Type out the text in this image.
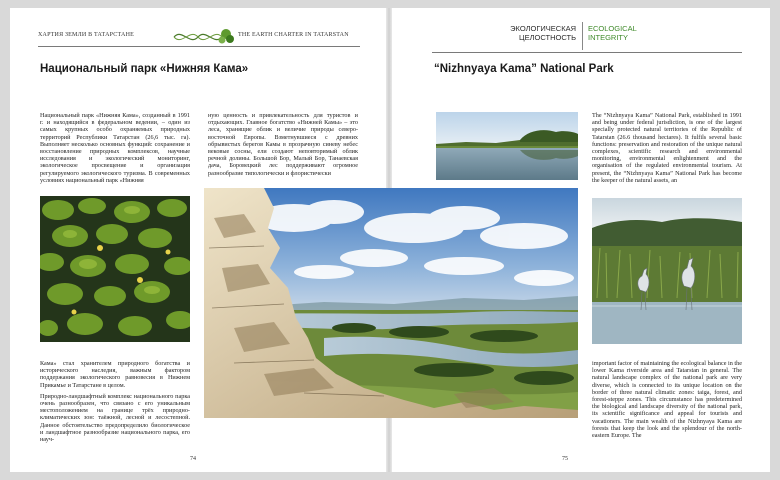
ХАРТИЯ ЗЕМЛИ В ТАТАРСТАНЕ	THE EARTH CHARTER IN TATARSTAN
Национальный парк «Нижняя Кама»

Национальный парк «Нижняя Кама», созданный в 1991 г. и находящийся в федеральном ведении, – один из самых крупных особо охраняемых природных территорий Республики Татарстан (26,6 тыс. га). Выполняет несколько основных функций: сохранение и восстановление природных комплексов, научные исследования и экологический мониторинг, экологическое просвещение и организация регулируемого экологического туризма. В современных условиях национальный парк «Нижняя

ную ценность и привлекательность для туристов и отдыхающих. Главное богатство «Нижней Камы» – это леса, хранящие облик и величие природы северо-восточной Европы. Взметнувшиеся с древних обрывистых берегов Камы в прозрачную синеву небес вековые сосны, ели создают неповторимый облик речной долины. Большой Бор, Малый Бор, Танаевская дача, Боровецкий лес поддерживают огромное разнообразие типологически и флористически

Кама» стал хранителем природного богатства и исторического наследия, важным фактором поддержания экологического равновесия в Нижнем Прикамье и Татарстане в целом.

Природно-ландшафтный комплекс национального парка очень разнообразен, что связано с его уникальным местоположением на границе трёх природно-климатических зон: таёжной, лесной и лесостепной. Данное обстоятельство предопределило биологическое и ландшафтное разнообразие национального парка, его науч-

74
ЭКОЛОГИЧЕСКАЯ ЦЕЛОСТНОСТЬ
ECOLOGICAL INTEGRITY
“Nizhnyaya Kama” National Park

The “Nizhnyaya Kama” National Park, established in 1991 and being under federal jurisdiction, is one of the largest specially protected natural territories of the Republic of Tatarstan (26.6 thousand hectares). It fulfils several basic functions: preservation and restoration of the unique natural complexes, scientific research and environmental monitoring, environmental enlightenment and the organisation of the regulated environmental tourism. At present, the “Nizhnyaya Kama” National Park has become the keeper of the natural assets, an

important factor of maintaining the ecological balance in the lower Kama riverside area and Tatarstan in general. The natural landscape complex of the national park are very diverse, which is connected to its unique location on the border of three natural climatic zones: taiga, forest, and forest-steppe zones. This circumstance has predetermined the biological and landscape diversity of the national park, its scientific significance and appeal for tourists and vacationers. The main wealth of the Nizhnyaya Kama are forests that keep the look and the splendour of the north-eastern Europe. The

75
